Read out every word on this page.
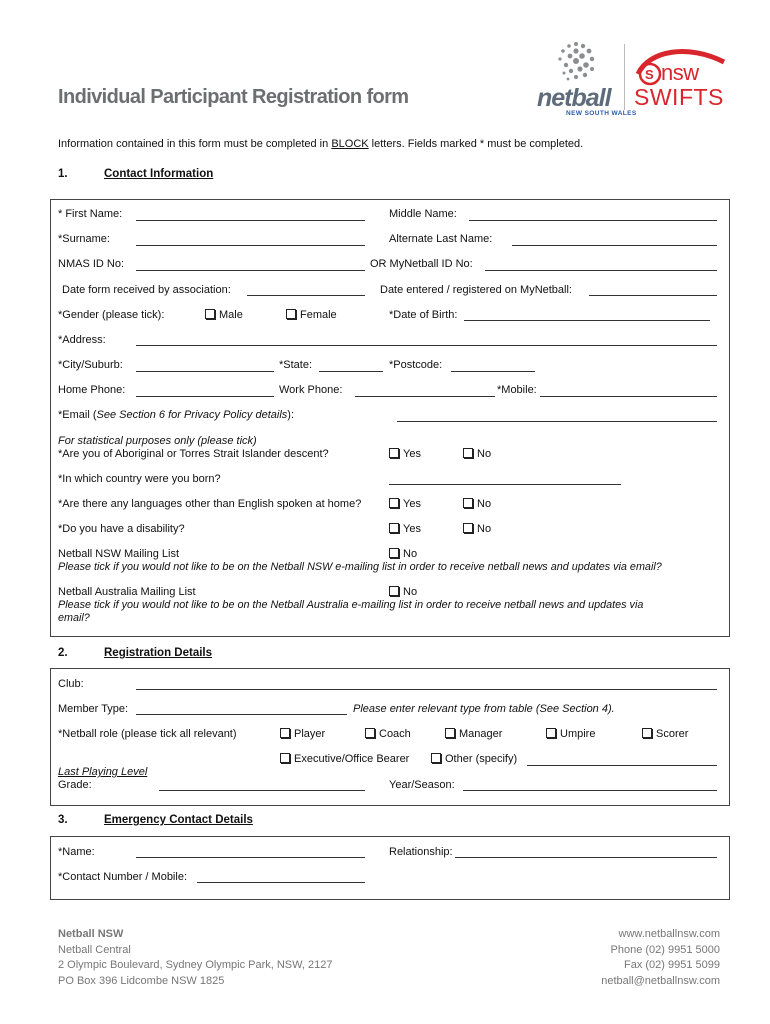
Individual Participant Registration form	netball
NEW SOUTH WALES
S nsw
SWIFTS
Information contained in this form must be completed in BLOCK letters. Fields marked * must be completed.
1.	Contact Information
* First Name:	Middle Name:
*Surname:	Alternate Last Name:
NMAS ID No:	OR MyNetball ID No:
Date form received by association:	Date entered / registered on MyNetball:
*Gender (please tick):	Male	Female	*Date of Birth:
*Address:
*City/Suburb:	*State:	*Postcode:
Home Phone:	Work Phone:	*Mobile:
*Email (See Section 6 for Privacy Policy details):
For statistical purposes only (please tick)
*Are you of Aboriginal or Torres Strait Islander descent?	Yes	No
*In which country were you born?
*Are there any languages other than English spoken at home?	Yes	No
*Do you have a disability?	Yes	No
Netball NSW Mailing List	No
Please tick if you would not like to be on the Netball NSW e-mailing list in order to receive netball news and updates via email?
Netball Australia Mailing List	No
Please tick if you would not like to be on the Netball Australia e-mailing list in order to receive netball news and updates via
email?
2.	Registration Details
Club:
Member Type:	Please enter relevant type from table (See Section 4).
*Netball role (please tick all relevant)	Player	Coach	Manager	Umpire	Scorer
Executive/Office Bearer	Other (specify)
Last Playing Level
Grade:	Year/Season:
3.	Emergency Contact Details
*Name:	Relationship:
*Contact Number / Mobile:
Netball NSW
Netball Central
2 Olympic Boulevard, Sydney Olympic Park, NSW, 2127
PO Box 396 Lidcombe NSW 1825
www.netballnsw.com
Phone (02) 9951 5000
Fax (02) 9951 5099
netball@netballnsw.com
